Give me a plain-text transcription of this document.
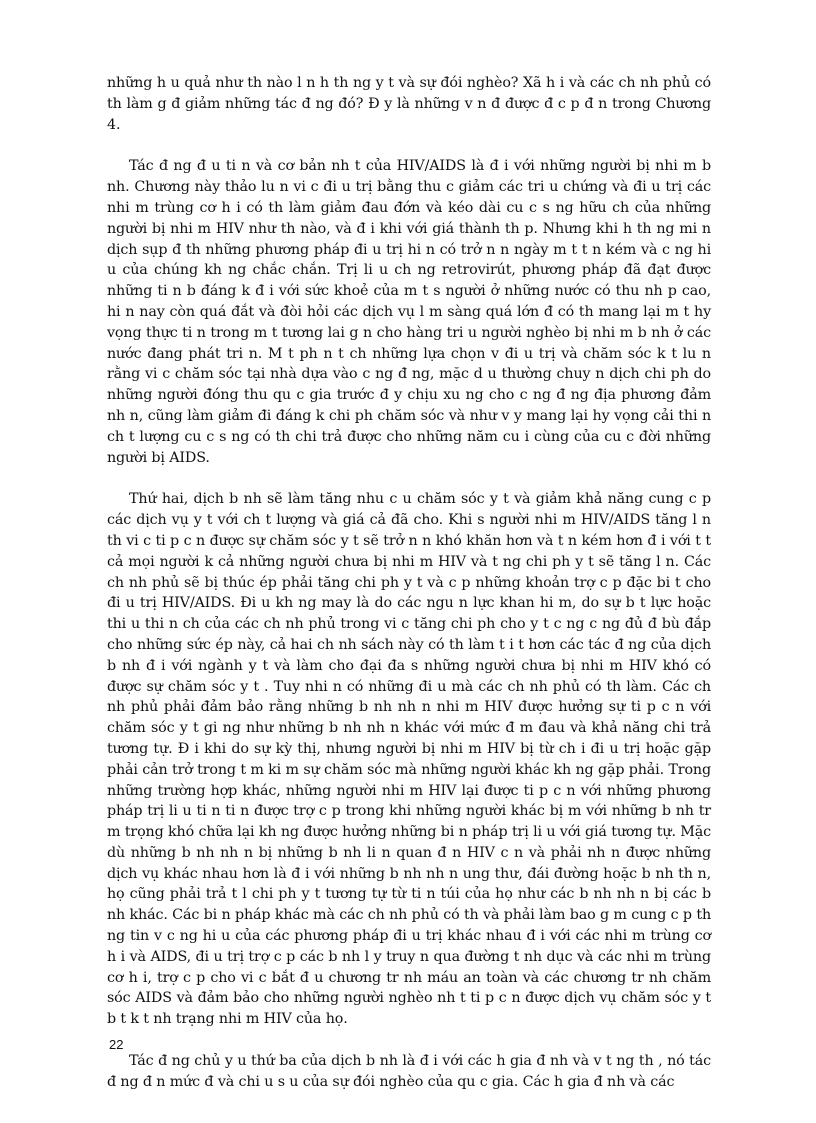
những h u quả như th nào l n h th ng y t và sự đói nghèo? Xã h i và các ch nh phủ có th làm g đ giảm những tác đ ng đó? Đ y là những v n đ được đ c p đ n trong Chương 4.

Tác đ ng đ u ti n và cơ bản nh t của HIV/AIDS là đ i với những người bị nhi m b nh. Chương này thảo lu n vi c đi u trị bằng thu c giảm các tri u chứng và đi u trị các nhi m trùng cơ h i có th làm giảm đau đớn và kéo dài cu c s ng hữu ch của những người bị nhi m HIV như th nào, và đ i khi với giá thành th p. Nhưng khi h th ng mi n dịch sụp đ th những phương pháp đi u trị hi n có trở n n ngày m t t n kém và c ng hi u của chúng kh ng chắc chắn. Trị li u ch ng retrovirút, phương pháp đã đạt được những ti n b đáng k đ i với sức khoẻ của m t s người ở những nước có thu nh p cao, hi n nay còn quá đắt và đòi hỏi các dịch vụ l m sàng quá lớn đ có th mang lại m t hy vọng thực ti n trong m t tương lai g n cho hàng tri u người nghèo bị nhi m b nh ở các nước đang phát tri n. M t ph n t ch những lựa chọn v đi u trị và chăm sóc k t lu n rằng vi c chăm sóc tại nhà dựa vào c ng đ ng, mặc d u thường chuy n dịch chi ph do những người đóng thu qu c gia trước đ y chịu xu ng cho c ng đ ng địa phương đảm nh n, cũng làm giảm đi đáng k chi ph chăm sóc và như v y mang lại hy vọng cải thi n ch t lượng cu c s ng có th chi trả được cho những năm cu i cùng của cu c đời những người bị AIDS.

Thứ hai, dịch b nh sẽ làm tăng nhu c u chăm sóc y t và giảm khả năng cung c p các dịch vụ y t với ch t lượng và giá cả đã cho. Khi s người nhi m HIV/AIDS tăng l n th vi c ti p c n được sự chăm sóc y t sẽ trở n n khó khăn hơn và t n kém hơn đ i với t t cả mọi người k cả những người chưa bị nhi m HIV và t ng chi ph y t sẽ tăng l n. Các ch nh phủ sẽ bị thúc ép phải tăng chi ph y t và c p những khoản trợ c p đặc bi t cho đi u trị HIV/AIDS. Đi u kh ng may là do các ngu n lực khan hi m, do sự b t lực hoặc thi u thi n ch của các ch nh phủ trong vi c tăng chi ph cho y t c ng c ng đủ đ bù đắp cho những sức ép này, cả hai ch nh sách này có th làm t i t hơn các tác đ ng của dịch b nh đ i với ngành y t và làm cho đại đa s những người chưa bị nhi m HIV khó có được sự chăm sóc y t . Tuy nhi n có những đi u mà các ch nh phủ có th làm. Các ch nh phủ phải đảm bảo rằng những b nh nh n nhi m HIV được hưởng sự ti p c n với chăm sóc y t gi ng như những b nh nh n khác với mức đ m đau và khả năng chi trả tương tự. Đ i khi do sự kỳ thị, nhưng người bị nhi m HIV bị từ ch i đi u trị hoặc gặp phải cản trở trong t m ki m sự chăm sóc mà những người khác kh ng gặp phải. Trong những trường hợp khác, những người nhi m HIV lại được ti p c n với những phương pháp trị li u ti n ti n được trợ c p trong khi những người khác bị m với những b nh tr m trọng khó chữa lại kh ng được hưởng những bi n pháp trị li u với giá tương tự. Mặc dù những b nh nh n bị những b nh li n quan đ n HIV c n và phải nh n được những dịch vụ khác nhau hơn là đ i với những b nh nh n ung thư, đái đường hoặc b nh th n, họ cũng phải trả t l chi ph y t tương tự từ ti n túi của họ như các b nh nh n bị các b nh khác. Các bi n pháp khác mà các ch nh phủ có th và phải làm bao g m cung c p th ng tin v c ng hi u của các phương pháp đi u trị khác nhau đ i với các nhi m trùng cơ h i và AIDS, đi u trị trợ c p các b nh l y truy n qua đường t nh dục và các nhi m trùng cơ h i, trợ c p cho vi c bắt đ u chương tr nh máu an toàn và các chương tr nh chăm sóc AIDS và đảm bảo cho những người nghèo nh t ti p c n được dịch vụ chăm sóc y t b t k t nh trạng nhi m HIV của họ.

Tác đ ng chủ y u thứ ba của dịch b nh là đ i với các h gia đ nh và v t ng th , nó tác đ ng đ n mức đ và chi u s u của sự đói nghèo của qu c gia. Các h gia đ nh và các

22
